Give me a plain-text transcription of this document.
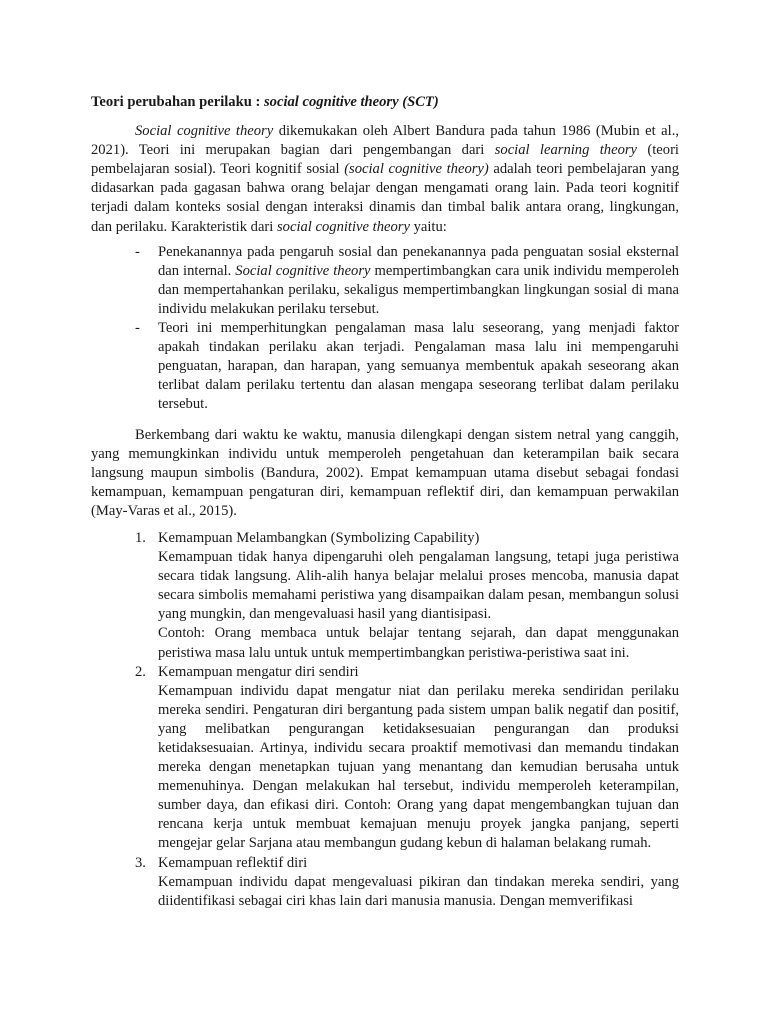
Teori perubahan perilaku : social cognitive theory (SCT)

Social cognitive theory dikemukakan oleh Albert Bandura pada tahun 1986 (Mubin et al., 2021). Teori ini merupakan bagian dari pengembangan dari social learning theory (teori pembelajaran sosial). Teori kognitif sosial (social cognitive theory) adalah teori pembelajaran yang didasarkan pada gagasan bahwa orang belajar dengan mengamati orang lain. Pada teori kognitif terjadi dalam konteks sosial dengan interaksi dinamis dan timbal balik antara orang, lingkungan, dan perilaku. Karakteristik dari social cognitive theory yaitu:

- Penekanannya pada pengaruh sosial dan penekanannya pada penguatan sosial eksternal dan internal. Social cognitive theory mempertimbangkan cara unik individu memperoleh dan mempertahankan perilaku, sekaligus mempertimbangkan lingkungan sosial di mana individu melakukan perilaku tersebut.
- Teori ini memperhitungkan pengalaman masa lalu seseorang, yang menjadi faktor apakah tindakan perilaku akan terjadi. Pengalaman masa lalu ini mempengaruhi penguatan, harapan, dan harapan, yang semuanya membentuk apakah seseorang akan terlibat dalam perilaku tertentu dan alasan mengapa seseorang terlibat dalam perilaku tersebut.

Berkembang dari waktu ke waktu, manusia dilengkapi dengan sistem netral yang canggih, yang memungkinkan individu untuk memperoleh pengetahuan dan keterampilan baik secara langsung maupun simbolis (Bandura, 2002). Empat kemampuan utama disebut sebagai fondasi kemampuan, kemampuan pengaturan diri, kemampuan reflektif diri, dan kemampuan perwakilan (May-Varas et al., 2015).

1. Kemampuan Melambangkan (Symbolizing Capability)
Kemampuan tidak hanya dipengaruhi oleh pengalaman langsung, tetapi juga peristiwa secara tidak langsung. Alih-alih hanya belajar melalui proses mencoba, manusia dapat secara simbolis memahami peristiwa yang disampaikan dalam pesan, membangun solusi yang mungkin, dan mengevaluasi hasil yang diantisipasi.
Contoh: Orang membaca untuk belajar tentang sejarah, dan dapat menggunakan peristiwa masa lalu untuk untuk mempertimbangkan peristiwa-peristiwa saat ini.
2. Kemampuan mengatur diri sendiri
Kemampuan individu dapat mengatur niat dan perilaku mereka sendiridan perilaku mereka sendiri. Pengaturan diri bergantung pada sistem umpan balik negatif dan positif, yang melibatkan pengurangan ketidaksesuaian pengurangan dan produksi ketidaksesuaian. Artinya, individu secara proaktif memotivasi dan memandu tindakan mereka dengan menetapkan tujuan yang menantang dan kemudian berusaha untuk memenuhinya. Dengan melakukan hal tersebut, individu memperoleh keterampilan, sumber daya, dan efikasi diri. Contoh: Orang yang dapat mengembangkan tujuan dan rencana kerja untuk membuat kemajuan menuju proyek jangka panjang, seperti mengejar gelar Sarjana atau membangun gudang kebun di halaman belakang rumah.
3. Kemampuan reflektif diri
Kemampuan individu dapat mengevaluasi pikiran dan tindakan mereka sendiri, yang diidentifikasi sebagai ciri khas lain dari manusia manusia. Dengan memverifikasi
